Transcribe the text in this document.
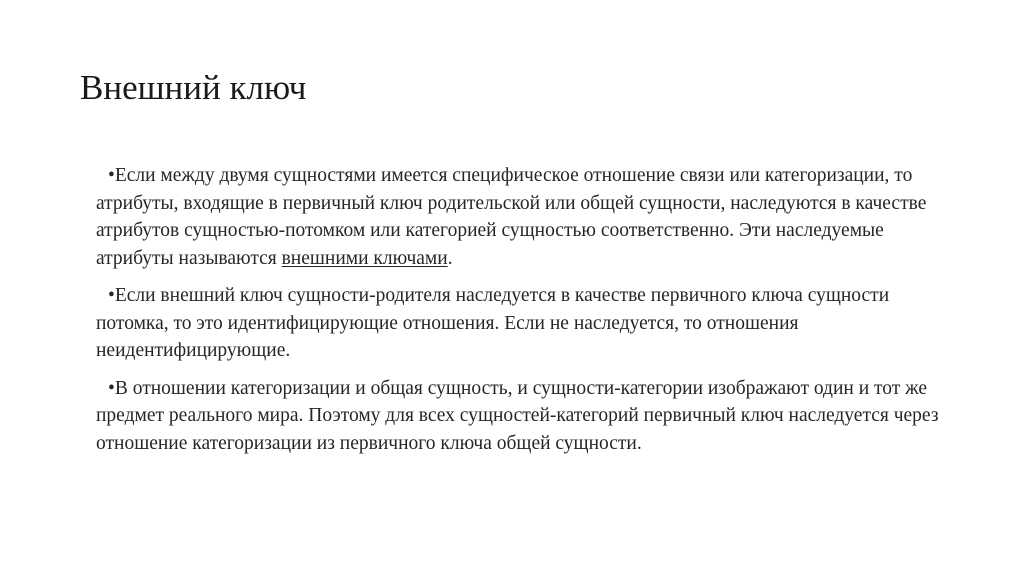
Внешний ключ
•Если между двумя сущностями имеется специфическое отношение связи или категоризации, то атрибуты, входящие в первичный ключ родительской или общей сущности, наследуются в качестве атрибутов сущностью-потомком или категорией сущностью соответственно. Эти наследуемые атрибуты называются внешними ключами.
•Если внешний ключ сущности-родителя наследуется в качестве первичного ключа сущности потомка, то это идентифицирующие отношения. Если не наследуется, то отношения неидентифицирующие.
•В отношении категоризации и общая сущность, и сущности-категории изображают один и тот же предмет реального мира. Поэтому для всех сущностей-категорий первичный ключ наследуется через отношение категоризации из первичного ключа общей сущности.
